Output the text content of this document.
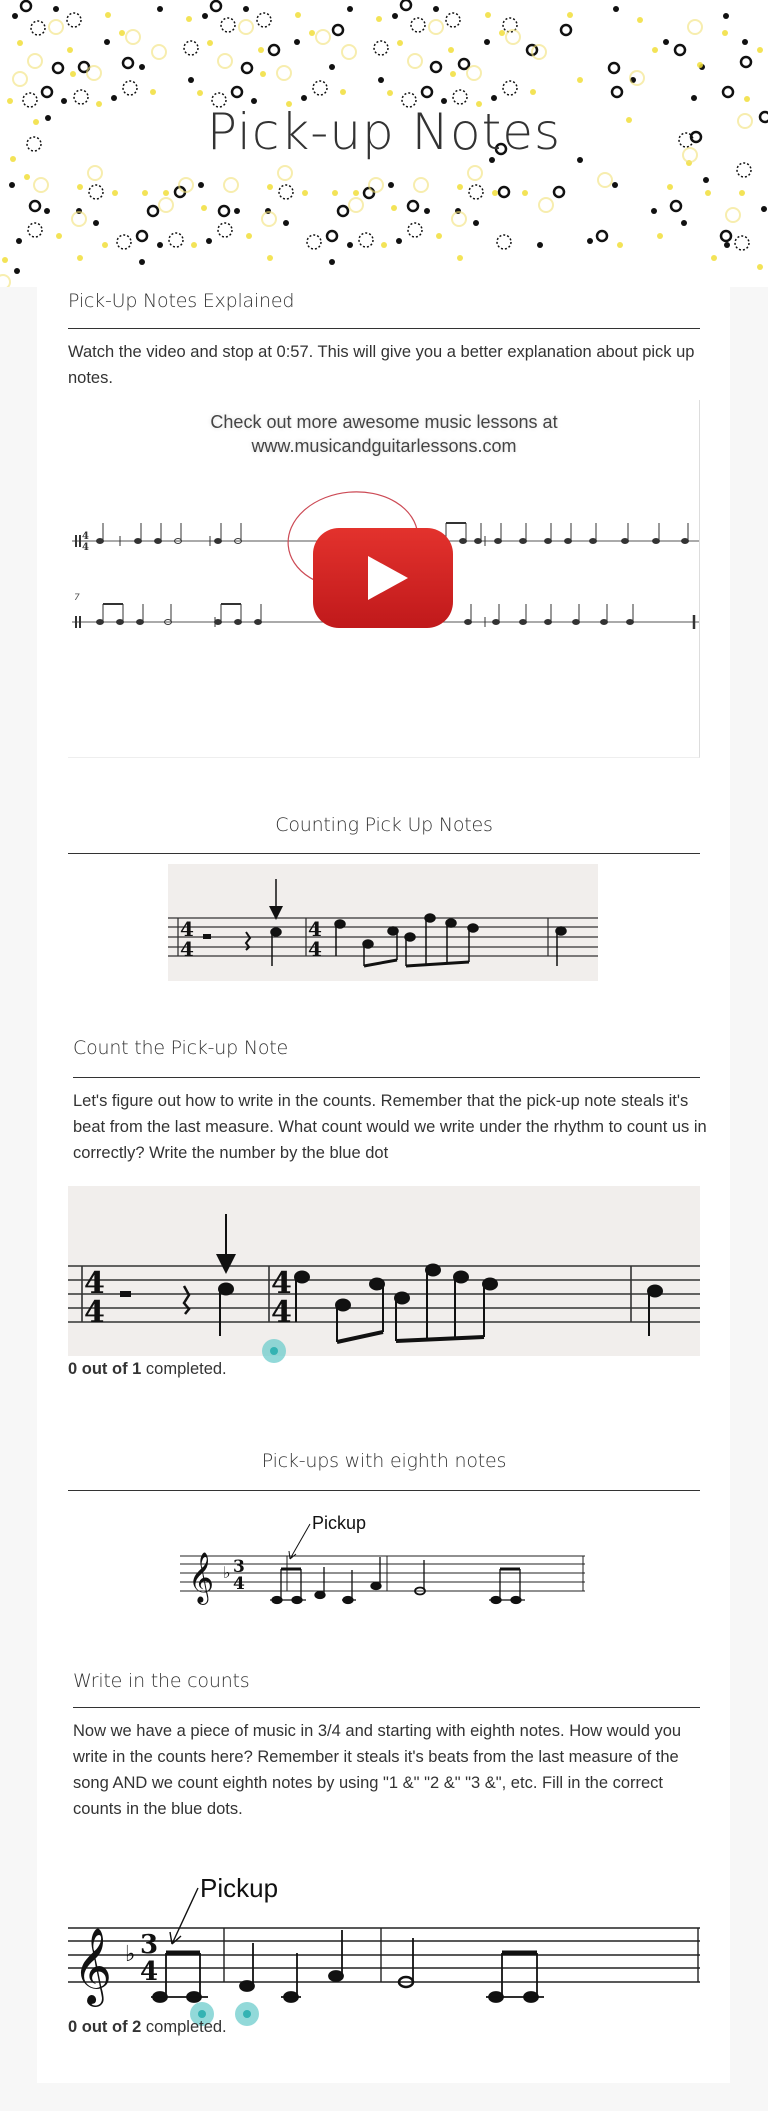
Pick-up Notes
Pick-Up Notes Explained
Watch the video and stop at 0:57. This will give you a better explanation about pick up notes.
Check out more awesome music lessons at
www.musicandguitarlessons.com
4
4
7
Counting Pick Up Notes
4
4
4
4
Count the Pick-up Note
Let's figure out how to write in the counts. Remember that the pick-up note steals it's beat from the last measure. What count would we write under the rhythm to count us in correctly? Write the number by the blue dot
4
4
4
4
0 out of 1 completed.
Pick-ups with eighth notes
𝄞 ♭ 3
4
Pickup
Write in the counts
Now we have a piece of music in 3/4 and starting with eighth notes. How would you write in the counts here? Remember it steals it's beats from the last measure of the song AND we count eighth notes by using "1 &" "2 &" "3 &", etc. Fill in the correct counts in the blue dots.
𝄞 ♭ 3
4
Pickup
0 out of 2 completed.
